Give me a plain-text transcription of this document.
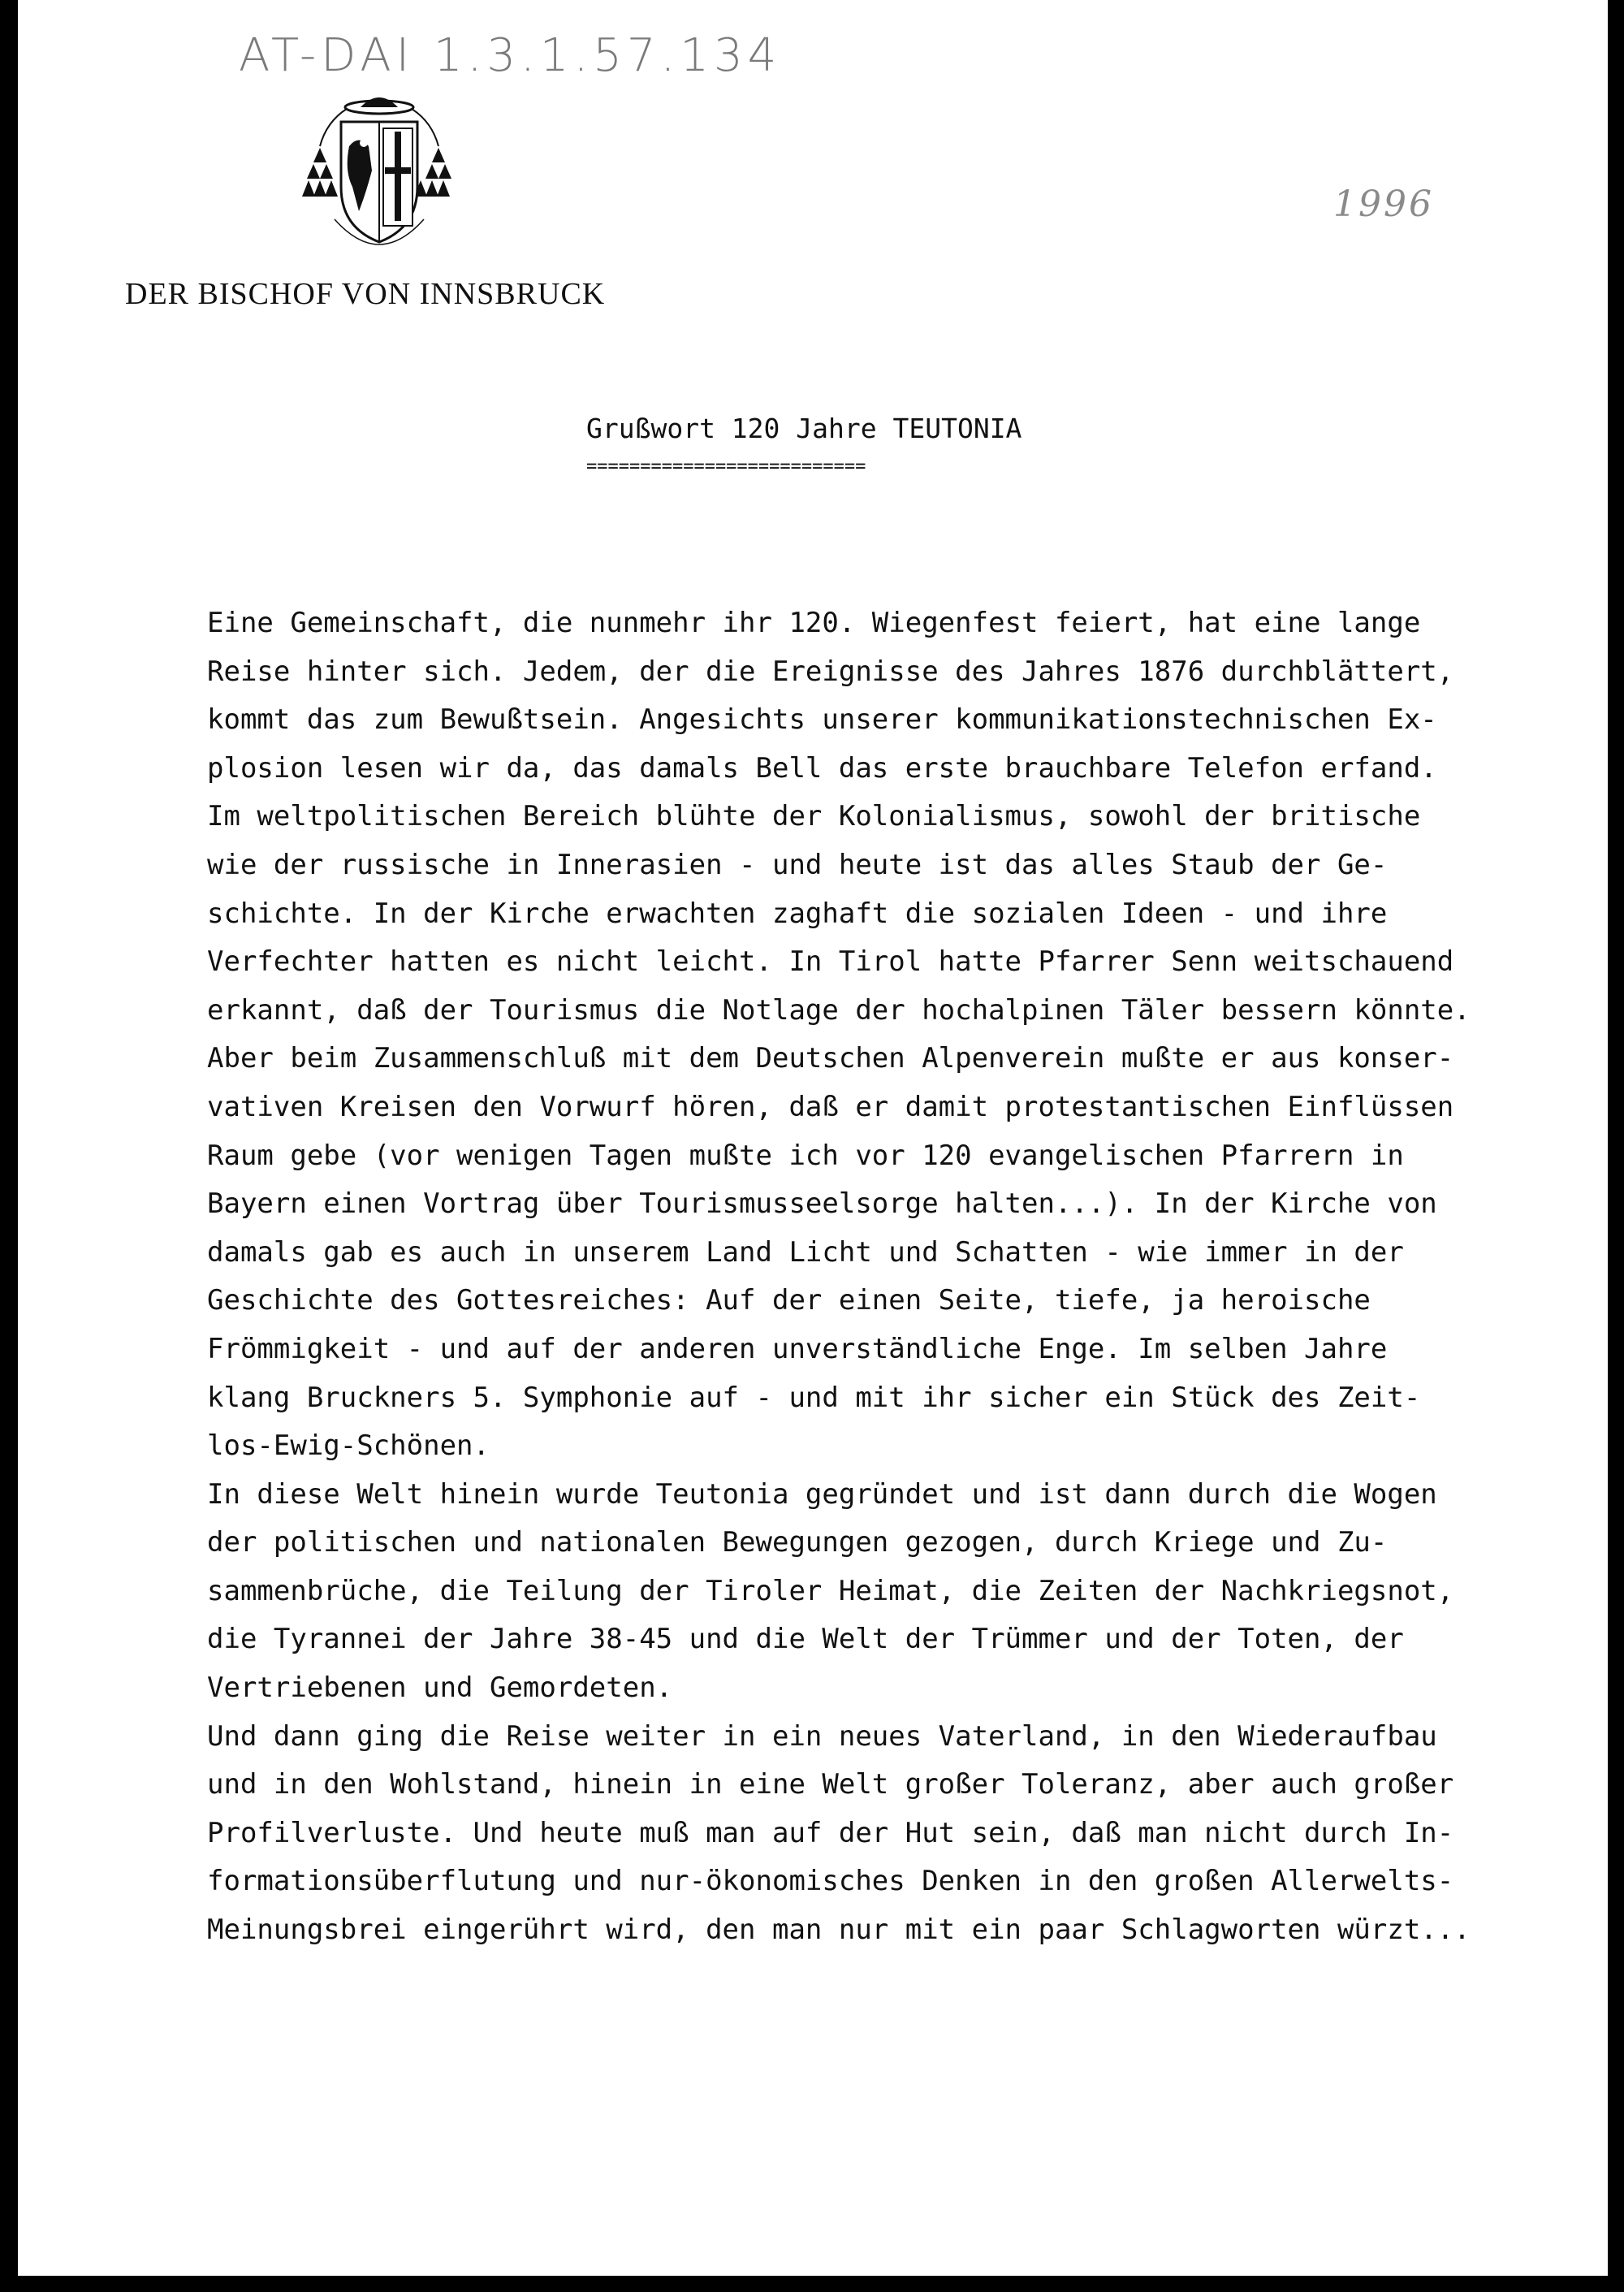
AT-DAI 1.3.1.57.134
1996
DER BISCHOF VON INNSBRUCK
Grußwort 120 Jahre TEUTONIA
==========================
Eine Gemeinschaft, die nunmehr ihr 120. Wiegenfest feiert, hat eine lange
Reise hinter sich. Jedem, der die Ereignisse des Jahres 1876 durchblättert,
kommt das zum Bewußtsein. Angesichts unserer kommunikationstechnischen Ex-
plosion lesen wir da, das damals Bell das erste brauchbare Telefon erfand.
Im weltpolitischen Bereich blühte der Kolonialismus, sowohl der britische
wie der russische in Innerasien - und heute ist das alles Staub der Ge-
schichte. In der Kirche erwachten zaghaft die sozialen Ideen - und ihre
Verfechter hatten es nicht leicht. In Tirol hatte Pfarrer Senn weitschauend
erkannt, daß der Tourismus die Notlage der hochalpinen Täler bessern könnte.
Aber beim Zusammenschluß mit dem Deutschen Alpenverein mußte er aus konser-
vativen Kreisen den Vorwurf hören, daß er damit protestantischen Einflüssen
Raum gebe (vor wenigen Tagen mußte ich vor 120 evangelischen Pfarrern in
Bayern einen Vortrag über Tourismusseelsorge halten...). In der Kirche von
damals gab es auch in unserem Land Licht und Schatten - wie immer in der
Geschichte des Gottesreiches: Auf der einen Seite, tiefe, ja heroische
Frömmigkeit - und auf der anderen unverständliche Enge. Im selben Jahre
klang Bruckners 5. Symphonie auf - und mit ihr sicher ein Stück des Zeit-
los-Ewig-Schönen.
In diese Welt hinein wurde Teutonia gegründet und ist dann durch die Wogen
der politischen und nationalen Bewegungen gezogen, durch Kriege und Zu-
sammenbrüche, die Teilung der Tiroler Heimat, die Zeiten der Nachkriegsnot,
die Tyrannei der Jahre 38-45 und die Welt der Trümmer und der Toten, der
Vertriebenen und Gemordeten.
Und dann ging die Reise weiter in ein neues Vaterland, in den Wiederaufbau
und in den Wohlstand, hinein in eine Welt großer Toleranz, aber auch großer
Profilverluste. Und heute muß man auf der Hut sein, daß man nicht durch In-
formationsüberflutung und nur-ökonomisches Denken in den großen Allerwelts-
Meinungsbrei eingerührt wird, den man nur mit ein paar Schlagworten würzt...
